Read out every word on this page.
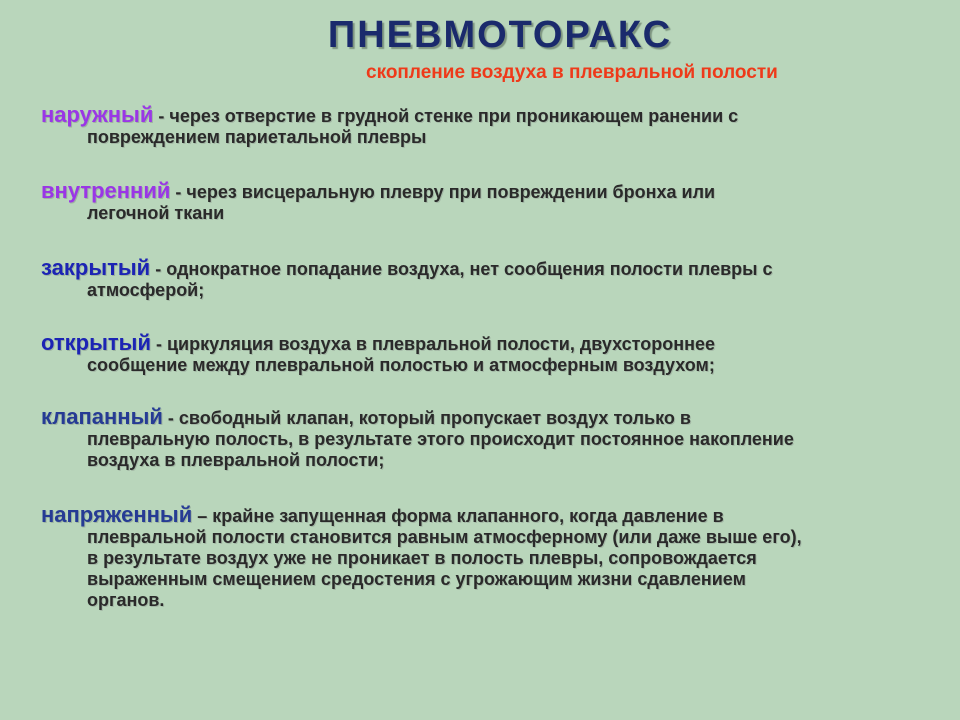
ПНЕВМОТОРАКС
скопление воздуха в плевральной полости
наружный - через отверстие в грудной стенке при проникающем ранении с
повреждением париетальной плевры
внутренний - через висцеральную плевру при повреждении бронха или
легочной ткани
закрытый - однократное попадание воздуха, нет сообщения полости плевры с
атмосферой;
открытый - циркуляция воздуха в плевральной полости, двухстороннее
сообщение между плевральной полостью и атмосферным воздухом;
клапанный - свободный клапан, который пропускает воздух только в
плевральную полость, в результате этого происходит постоянное накопление
воздуха в плевральной полости;
напряженный – крайне запущенная форма клапанного, когда давление в
плевральной полости становится равным атмосферному (или даже выше его),
в результате воздух уже не проникает в полость плевры, сопровождается
выраженным смещением средостения с угрожающим жизни сдавлением
органов.
